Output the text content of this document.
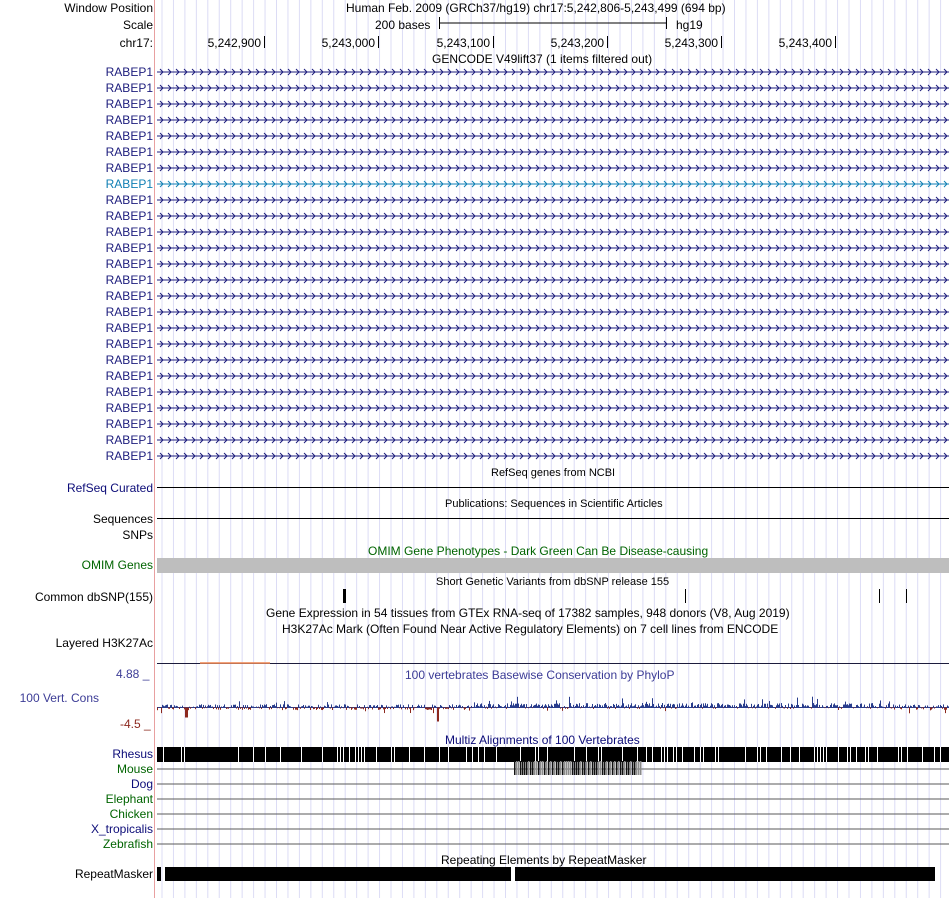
Window Position	Human Feb. 2009 (GRCh37/hg19) chr17:5,242,806-5,243,499 (694 bp)
Scale	200 bases	hg19
chr17:	5,242,900	5,243,000	5,243,100	5,243,200	5,243,300	5,243,400
GENCODE V49lift37 (1 items filtered out)
RABEP1
RABEP1
RABEP1
RABEP1
RABEP1
RABEP1
RABEP1
RABEP1
RABEP1
RABEP1
RABEP1
RABEP1
RABEP1
RABEP1
RABEP1
RABEP1
RABEP1
RABEP1
RABEP1
RABEP1
RABEP1
RABEP1
RABEP1
RABEP1
RABEP1
RefSeq genes from NCBI
RefSeq Curated
Publications: Sequences in Scientific Articles
Sequences
SNPs
OMIM Gene Phenotypes - Dark Green Can Be Disease-causing
OMIM Genes
Short Genetic Variants from dbSNP release 155
Common dbSNP(155)
Gene Expression in 54 tissues from GTEx RNA-seq of 17382 samples, 948 donors (V8, Aug 2019)
H3K27Ac Mark (Often Found Near Active Regulatory Elements) on 7 cell lines from ENCODE
Layered H3K27Ac
100 vertebrates Basewise Conservation by PhyloP
4.88 _
100 Vert. Cons
-4.5 _
Multiz Alignments of 100 Vertebrates
Rhesus
Mouse
Dog
Elephant
Chicken
X_tropicalis
Zebrafish
Repeating Elements by RepeatMasker
RepeatMasker
